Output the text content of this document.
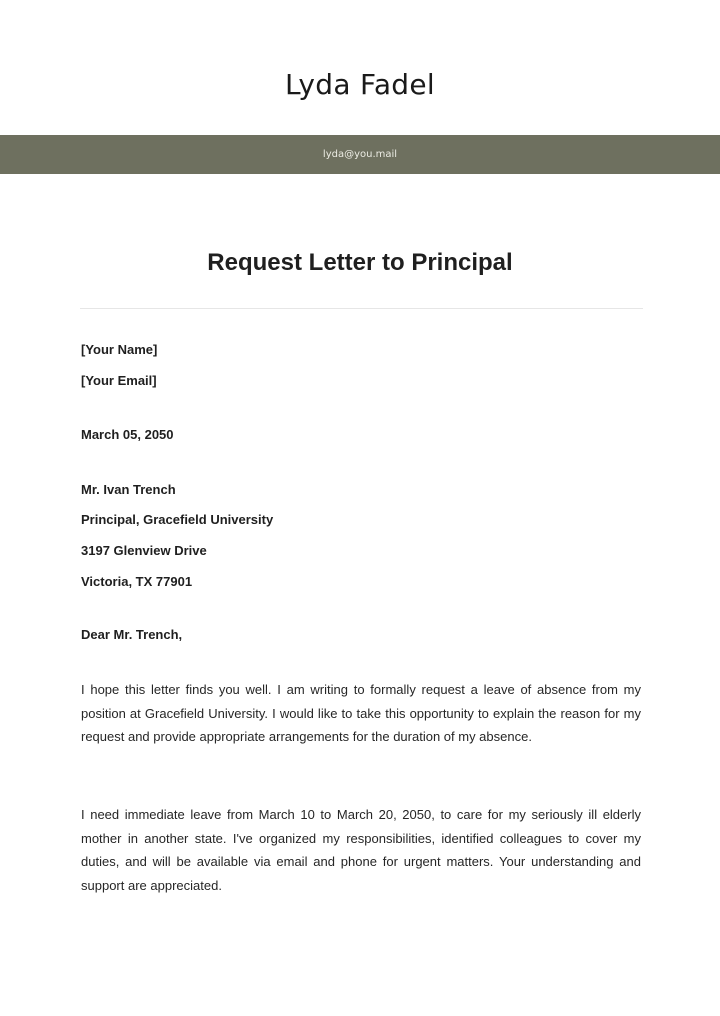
Lyda Fadel
lyda@you.mail
Request Letter to Principal
[Your Name]
[Your Email]
March 05, 2050
Mr. Ivan Trench
Principal, Gracefield University
3197 Glenview Drive
Victoria, TX 77901
Dear Mr. Trench,

I hope this letter finds you well. I am writing to formally request a leave of absence from my position at Gracefield University. I would like to take this opportunity to explain the reason for my request and provide appropriate arrangements for the duration of my absence.

I need immediate leave from March 10 to March 20, 2050, to care for my seriously ill elderly mother in another state. I've organized my responsibilities, identified colleagues to cover my duties, and will be available via email and phone for urgent matters. Your understanding and support are appreciated.
